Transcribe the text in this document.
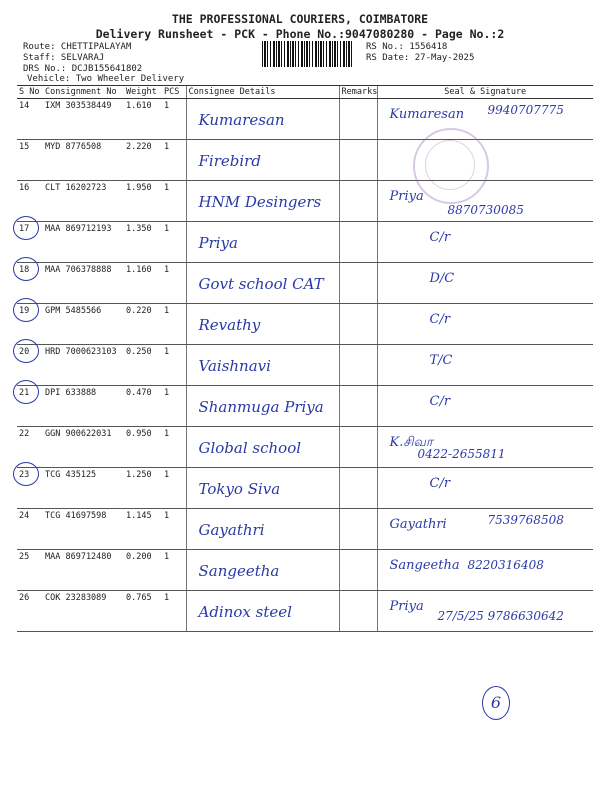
THE PROFESSIONAL COURIERS, COIMBATORE
Delivery Runsheet - PCK - Phone No.:9047080280 - Page No.:2
Route: CHETTIPALAYAM
Staff: SELVARAJ
DRS No.: DCJB155641802
Vehicle: Two Wheeler Delivery
RS No.: 1556418
RS Date: 27-May-2025
S No	Consignment No	Weight	PCS	Consignee Details	Remarks	Seal & Signature
14	IXM 303538449	1.610	1	Kumaresan		Kumaresan 9940707775

15	MYD 8776508	2.220	1	Firebird		

16	CLT 16202723	1.950	1	HNM Desingers		Priya
8870730085

17	MAA 869712193	1.350	1	Priya		C/r

18	MAA 706378888	1.160	1	Govt school CAT		D/C

19	GPM 5485566	0.220	1	Revathy		C/r

20	HRD 7000623103	0.250	1	Vaishnavi		T/C

21	DPI 633888	0.470	1	Shanmuga Priya		C/r

22	GGN 900622031	0.950	1	Global school		K.சிவா
0422-2655811

23	TCG 435125	1.250	1	Tokyo Siva		C/r

24	TCG 41697598	1.145	1	Gayathri		Gayathri 7539768508

25	MAA 869712480	0.200	1	Sangeetha		Sangeetha 8220316408

26	COK 23283089	0.765	1	Adinox steel		Priya
27/5/25 9786630642
6
